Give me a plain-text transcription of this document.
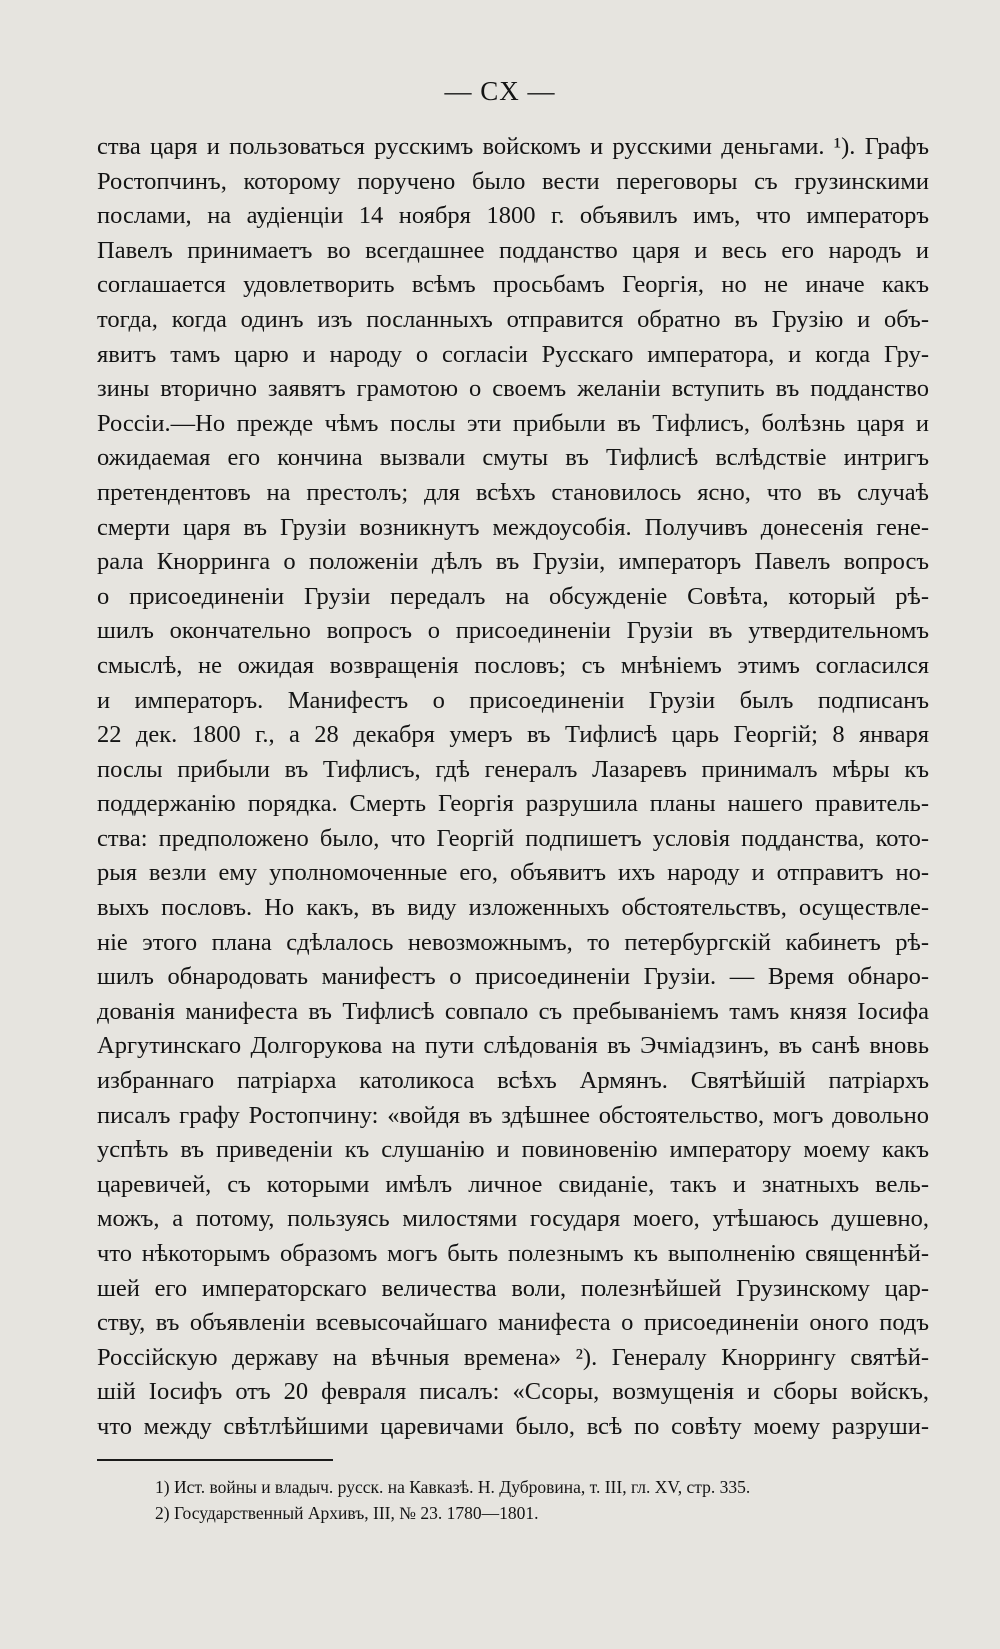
— CX —
ства царя и пользоваться русскимъ войскомъ и русскими деньгами. ¹). Графъ
Ростопчинъ, которому поручено было вести переговоры съ грузинскими
послами, на аудіенціи 14 ноября 1800 г. объявилъ имъ, что императоръ
Павелъ принимаетъ во всегдашнее подданство царя и весь его народъ и
соглашается удовлетворить всѣмъ просьбамъ Георгія, но не иначе какъ
тогда, когда одинъ изъ посланныхъ отправится обратно въ Грузію и объ-
явитъ тамъ царю и народу о согласіи Русскаго императора, и когда Гру-
зины вторично заявятъ грамотою о своемъ желаніи вступить въ подданство
Россіи.—Но прежде чѣмъ послы эти прибыли въ Тифлисъ, болѣзнь царя и
ожидаемая его кончина вызвали смуты въ Тифлисѣ вслѣдствіе интригъ
претендентовъ на престолъ; для всѣхъ становилось ясно, что въ случаѣ
смерти царя въ Грузіи возникнутъ междоусобія. Получивъ донесенія гене-
рала Кнорринга о положеніи дѣлъ въ Грузіи, императоръ Павелъ вопросъ
о присоединеніи Грузіи передалъ на обсужденіе Совѣта, который рѣ-
шилъ окончательно вопросъ о присоединеніи Грузіи въ утвердительномъ
смыслѣ, не ожидая возвращенія пословъ; съ мнѣніемъ этимъ согласился
и императоръ. Манифестъ о присоединеніи Грузіи былъ подписанъ
22 дек. 1800 г., а 28 декабря умеръ въ Тифлисѣ царь Георгій; 8 января
послы прибыли въ Тифлисъ, гдѣ генералъ Лазаревъ принималъ мѣры къ
поддержанію порядка. Смерть Георгія разрушила планы нашего правитель-
ства: предположено было, что Георгій подпишетъ условія подданства, кото-
рыя везли ему уполномоченные его, объявитъ ихъ народу и отправитъ но-
выхъ пословъ. Но какъ, въ виду изложенныхъ обстоятельствъ, осуществле-
ніе этого плана сдѣлалось невозможнымъ, то петербургскій кабинетъ рѣ-
шилъ обнародовать манифестъ о присоединеніи Грузіи. — Время обнаро-
дованія манифеста въ Тифлисѣ совпало съ пребываніемъ тамъ князя Іосифа
Аргутинскаго Долгорукова на пути слѣдованія въ Эчміадзинъ, въ санѣ вновь
избраннаго патріарха католикоса всѣхъ Армянъ. Святѣйшій патріархъ
писалъ графу Ростопчину: «войдя въ здѣшнее обстоятельство, могъ довольно
успѣть въ приведеніи къ слушанію и повиновенію императору моему какъ
царевичей, съ которыми имѣлъ личное свиданіе, такъ и знатныхъ вель-
можъ, а потому, пользуясь милостями государя моего, утѣшаюсь душевно,
что нѣкоторымъ образомъ могъ быть полезнымъ къ выполненію священнѣй-
шей его императорскаго величества воли, полезнѣйшей Грузинскому цар-
ству, въ объявленіи всевысочайшаго манифеста о присоединеніи оного подъ
Россійскую державу на вѣчныя времена» ²). Генералу Кноррингу святѣй-
шій Іосифъ отъ 20 февраля писалъ: «Ссоры, возмущенія и сборы войскъ,
что между свѣтлѣйшими царевичами было, всѣ по совѣту моему разруши-
1) Ист. войны и владыч. русск. на Кавказѣ. Н. Дубровина, т. III, гл. XV, стр. 335.
2) Государственный Архивъ, III, № 23. 1780—1801.
